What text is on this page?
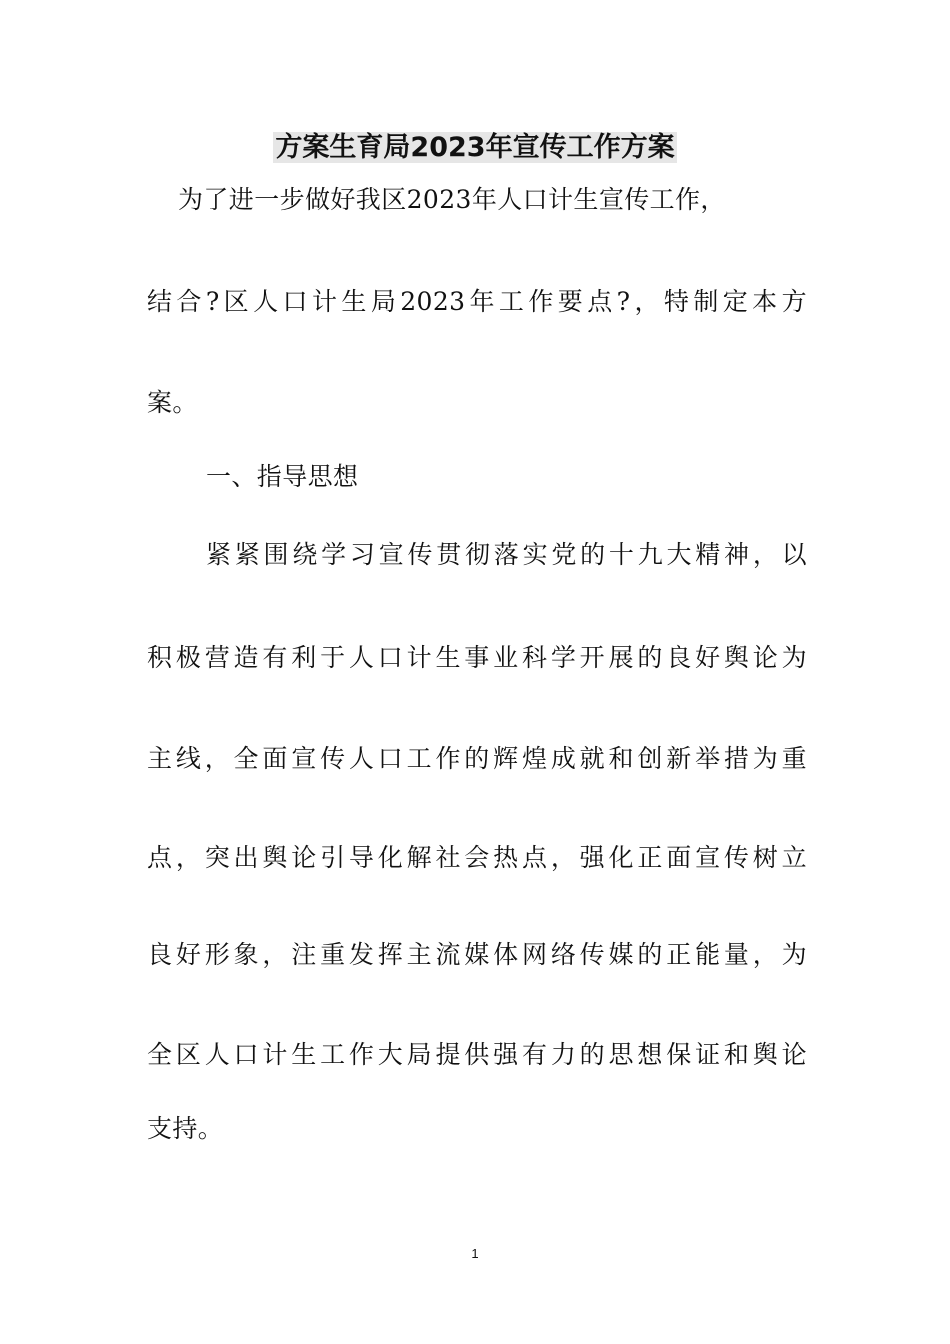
方案生育局2023年宣传工作方案
为了进一步做好我区2023年人口计生宣传工作，
结合?区人口计生局2023年工作要点?，特制定本方
案。
一、指导思想
紧紧围绕学习宣传贯彻落实党的十九大精神，以
积极营造有利于人口计生事业科学开展的良好舆论为
主线，全面宣传人口工作的辉煌成就和创新举措为重
点，突出舆论引导化解社会热点，强化正面宣传树立
良好形象，注重发挥主流媒体网络传媒的正能量，为
全区人口计生工作大局提供强有力的思想保证和舆论
支持。
1
